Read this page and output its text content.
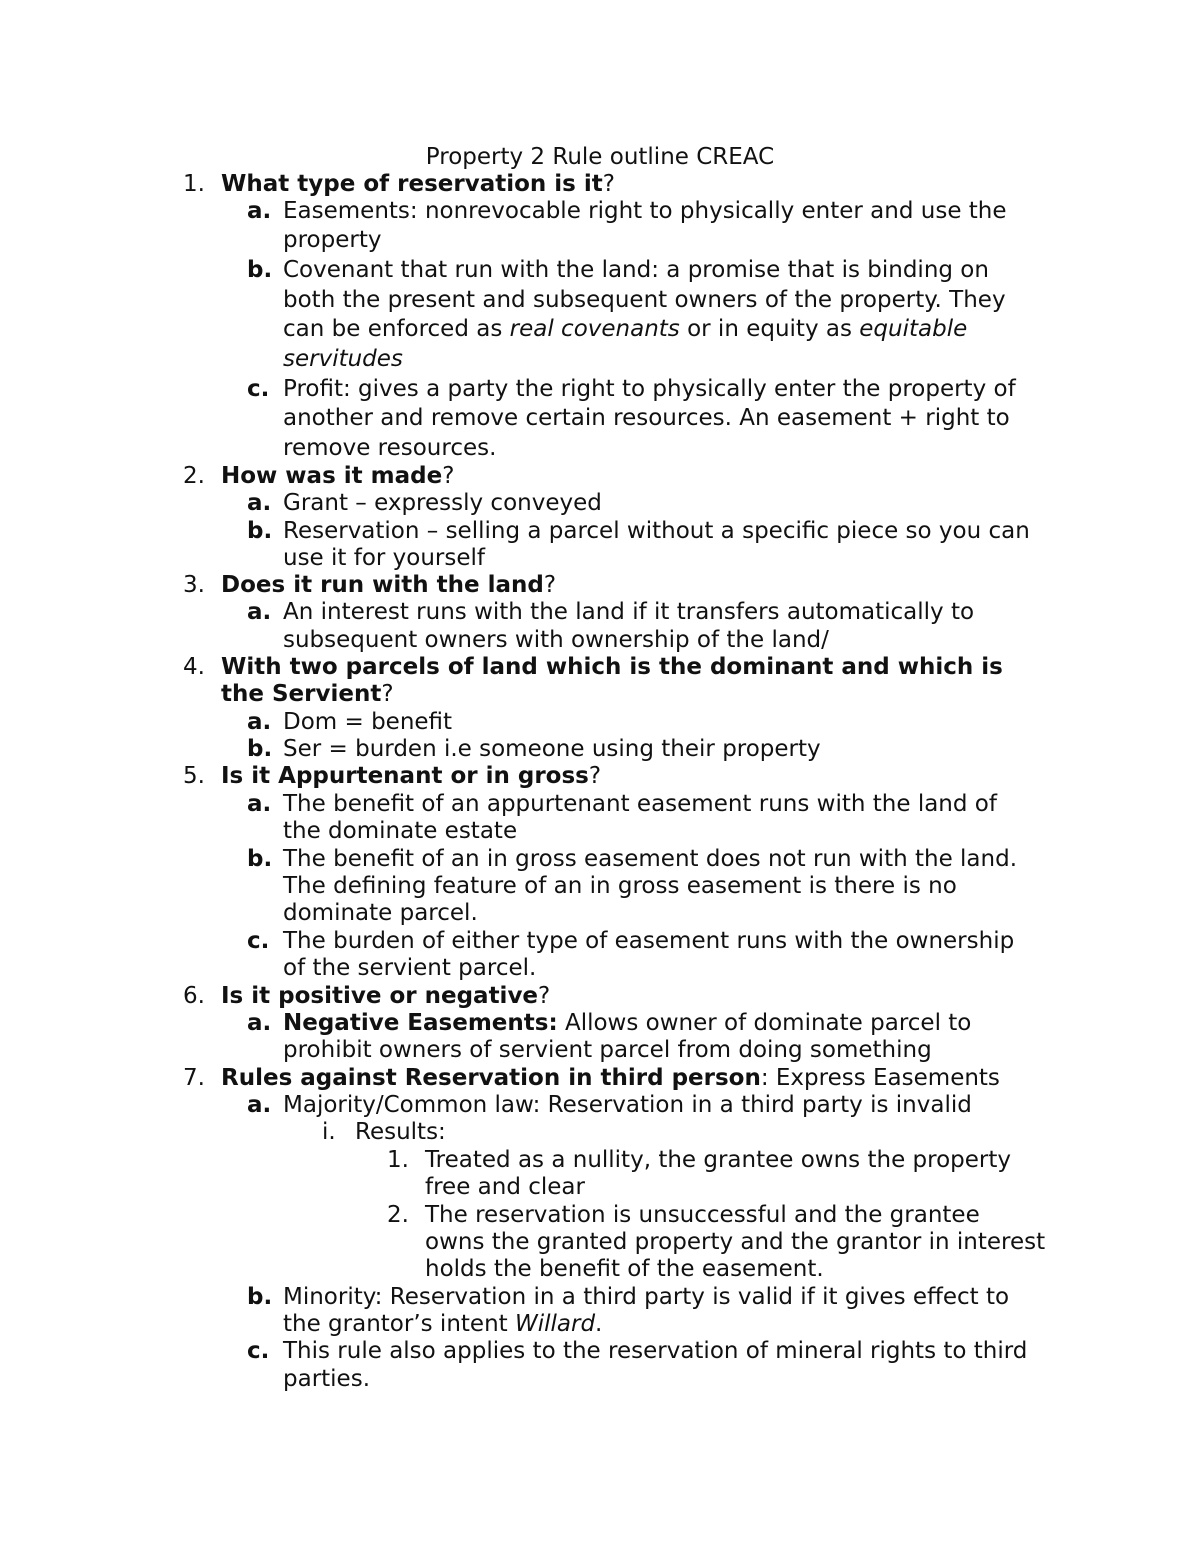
Property 2 Rule outline CREAC
1. What type of reservation is it?
a. Easements: nonrevocable right to physically enter and use the
property
b. Covenant that run with the land: a promise that is binding on
both the present and subsequent owners of the property. They
can be enforced as real covenants or in equity as equitable
servitudes
c. Profit: gives a party the right to physically enter the property of
another and remove certain resources. An easement + right to
remove resources.
2. How was it made?
a. Grant – expressly conveyed
b. Reservation – selling a parcel without a specific piece so you can
use it for yourself
3. Does it run with the land?
a. An interest runs with the land if it transfers automatically to
subsequent owners with ownership of the land/
4. With two parcels of land which is the dominant and which is
the Servient?
a. Dom = benefit
b. Ser = burden i.e someone using their property
5. Is it Appurtenant or in gross?
a. The benefit of an appurtenant easement runs with the land of
the dominate estate
b. The benefit of an in gross easement does not run with the land.
The defining feature of an in gross easement is there is no
dominate parcel.
c. The burden of either type of easement runs with the ownership
of the servient parcel.
6. Is it positive or negative?
a. Negative Easements: Allows owner of dominate parcel to
prohibit owners of servient parcel from doing something
7. Rules against Reservation in third person: Express Easements
a. Majority/Common law: Reservation in a third party is invalid
i. Results:
1. Treated as a nullity, the grantee owns the property
free and clear
2. The reservation is unsuccessful and the grantee
owns the granted property and the grantor in interest
holds the benefit of the easement.
b. Minority: Reservation in a third party is valid if it gives effect to
the grantor’s intent Willard.
c. This rule also applies to the reservation of mineral rights to third
parties.
